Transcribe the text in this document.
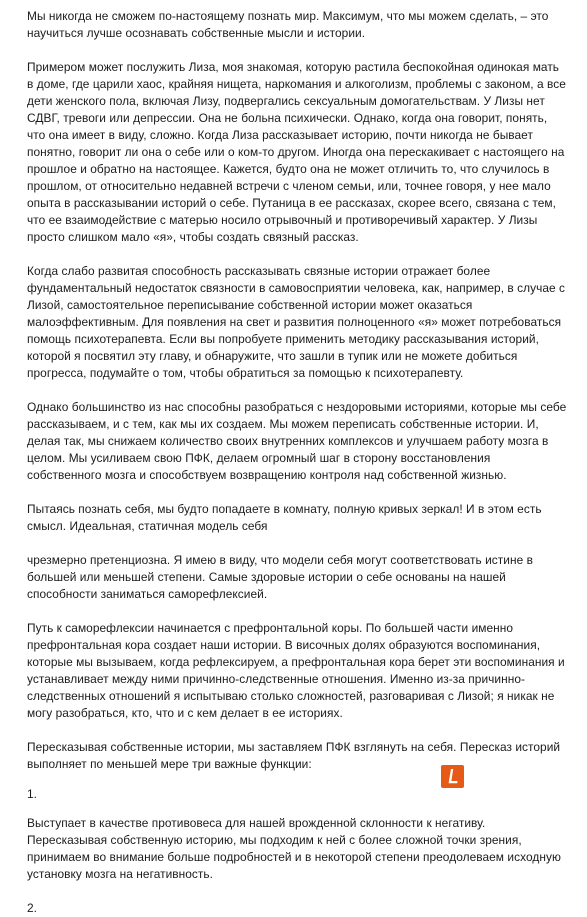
Мы никогда не сможем по-настоящему познать мир. Максимум, что мы можем сделать, – это научиться лучше осознавать собственные мысли и истории.

Примером может послужить Лиза, моя знакомая, которую растила беспокойная одинокая мать в доме, где царили хаос, крайняя нищета, наркомания и алкоголизм, проблемы с законом, а все дети женского пола, включая Лизу, подвергались сексуальным домогательствам. У Лизы нет СДВГ, тревоги или депрессии. Она не больна психически. Однако, когда она говорит, понять, что она имеет в виду, сложно. Когда Лиза рассказывает историю, почти никогда не бывает понятно, говорит ли она о себе или о ком-то другом. Иногда она перескакивает с настоящего на прошлое и обратно на настоящее. Кажется, будто она не может отличить то, что случилось в прошлом, от относительно недавней встречи с членом семьи, или, точнее говоря, у нее мало опыта в рассказывании историй о себе. Путаница в ее рассказах, скорее всего, связана с тем, что ее взаимодействие с матерью носило отрывочный и противоречивый характер. У Лизы просто слишком мало «я», чтобы создать связный рассказ.

Когда слабо развитая способность рассказывать связные истории отражает более фундаментальный недостаток связности в самовосприятии человека, как, например, в случае с Лизой, самостоятельное переписывание собственной истории может оказаться малоэффективным. Для появления на свет и развития полноценного «я» может потребоваться помощь психотерапевта. Если вы попробуете применить методику рассказывания историй, которой я посвятил эту главу, и обнаружите, что зашли в тупик или не можете добиться прогресса, подумайте о том, чтобы обратиться за помощью к психотерапевту.

Однако большинство из нас способны разобраться с нездоровыми историями, которые мы себе рассказываем, и с тем, как мы их создаем. Мы можем переписать собственные истории. И, делая так, мы снижаем количество своих внутренних комплексов и улучшаем работу мозга в целом. Мы усиливаем свою ПФК, делаем огромный шаг в сторону восстановления собственного мозга и способствуем возвращению контроля над собственной жизнью.

Пытаясь познать себя, мы будто попадаете в комнату, полную кривых зеркал! И в этом есть смысл. Идеальная, статичная модель себя

чрезмерно претенциозна. Я имею в виду, что модели себя могут соответствовать истине в большей или меньшей степени. Самые здоровые истории о себе основаны на нашей способности заниматься саморефлексией.

Путь к саморефлексии начинается с префронтальной коры. По большей части именно префронтальная кора создает наши истории. В височных долях образуются воспоминания, которые мы вызываем, когда рефлексируем, а префронтальная кора берет эти воспоминания и устанавливает между ними причинно-следственные отношения. Именно из-за причинно-следственных отношений я испытываю столько сложностей, разговаривая с Лизой; я никак не могу разобраться, кто, что и с кем делает в ее историях.

Пересказывая собственные истории, мы заставляем ПФК взглянуть на себя. Пересказ историй выполняет по меньшей мере три важные функции:

1.

Выступает в качестве противовеса для нашей врожденной склонности к негативу. Пересказывая собственную историю, мы подходим к ней с более сложной точки зрения, принимаем во внимание больше подробностей и в некоторой степени преодолеваем исходную установку мозга на негативность.

2.
